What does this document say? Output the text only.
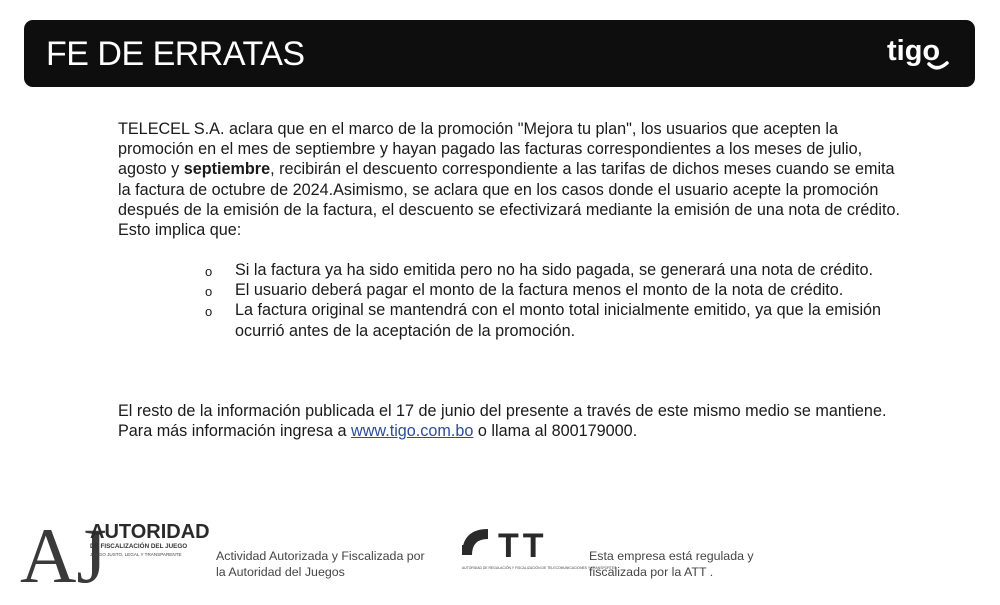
FE DE ERRATAS	tigo

TELECEL S.A. aclara que en el marco de la promoción "Mejora tu plan", los usuarios que acepten la promoción en el mes de septiembre y hayan pagado las facturas correspondientes a los meses de julio, agosto y septiembre, recibirán el descuento correspondiente a las tarifas de dichos meses cuando se emita la factura de octubre de 2024.Asimismo, se aclara que en los casos donde el usuario acepte la promoción después de la emisión de la factura, el descuento se efectivizará mediante la emisión de una nota de crédito. Esto implica que:

o Si la factura ya ha sido emitida pero no ha sido pagada, se generará una nota de crédito.
o El usuario deberá pagar el monto de la factura menos el monto de la nota de crédito.
o La factura original se mantendrá con el monto total inicialmente emitido, ya que la emisión ocurrió antes de la aceptación de la promoción.

El resto de la información publicada el 17 de junio del presente a través de este mismo medio se mantiene.

Para más información ingresa a www.tigo.com.bo o llama al 800179000.

AJ
AUTORIDAD
DE FISCALIZACIÓN DEL JUEGO
JUEGO JUSTO, LEGAL Y TRANSPARENTE	Actividad Autorizada y Fiscalizada por la Autoridad del Juegos
TT
AUTORIDAD DE REGULACIÓN Y FISCALIZACIÓN DE TELECOMUNICACIONES Y TRANSPORTES
Esta empresa está regulada y fiscalizada por la ATT .
